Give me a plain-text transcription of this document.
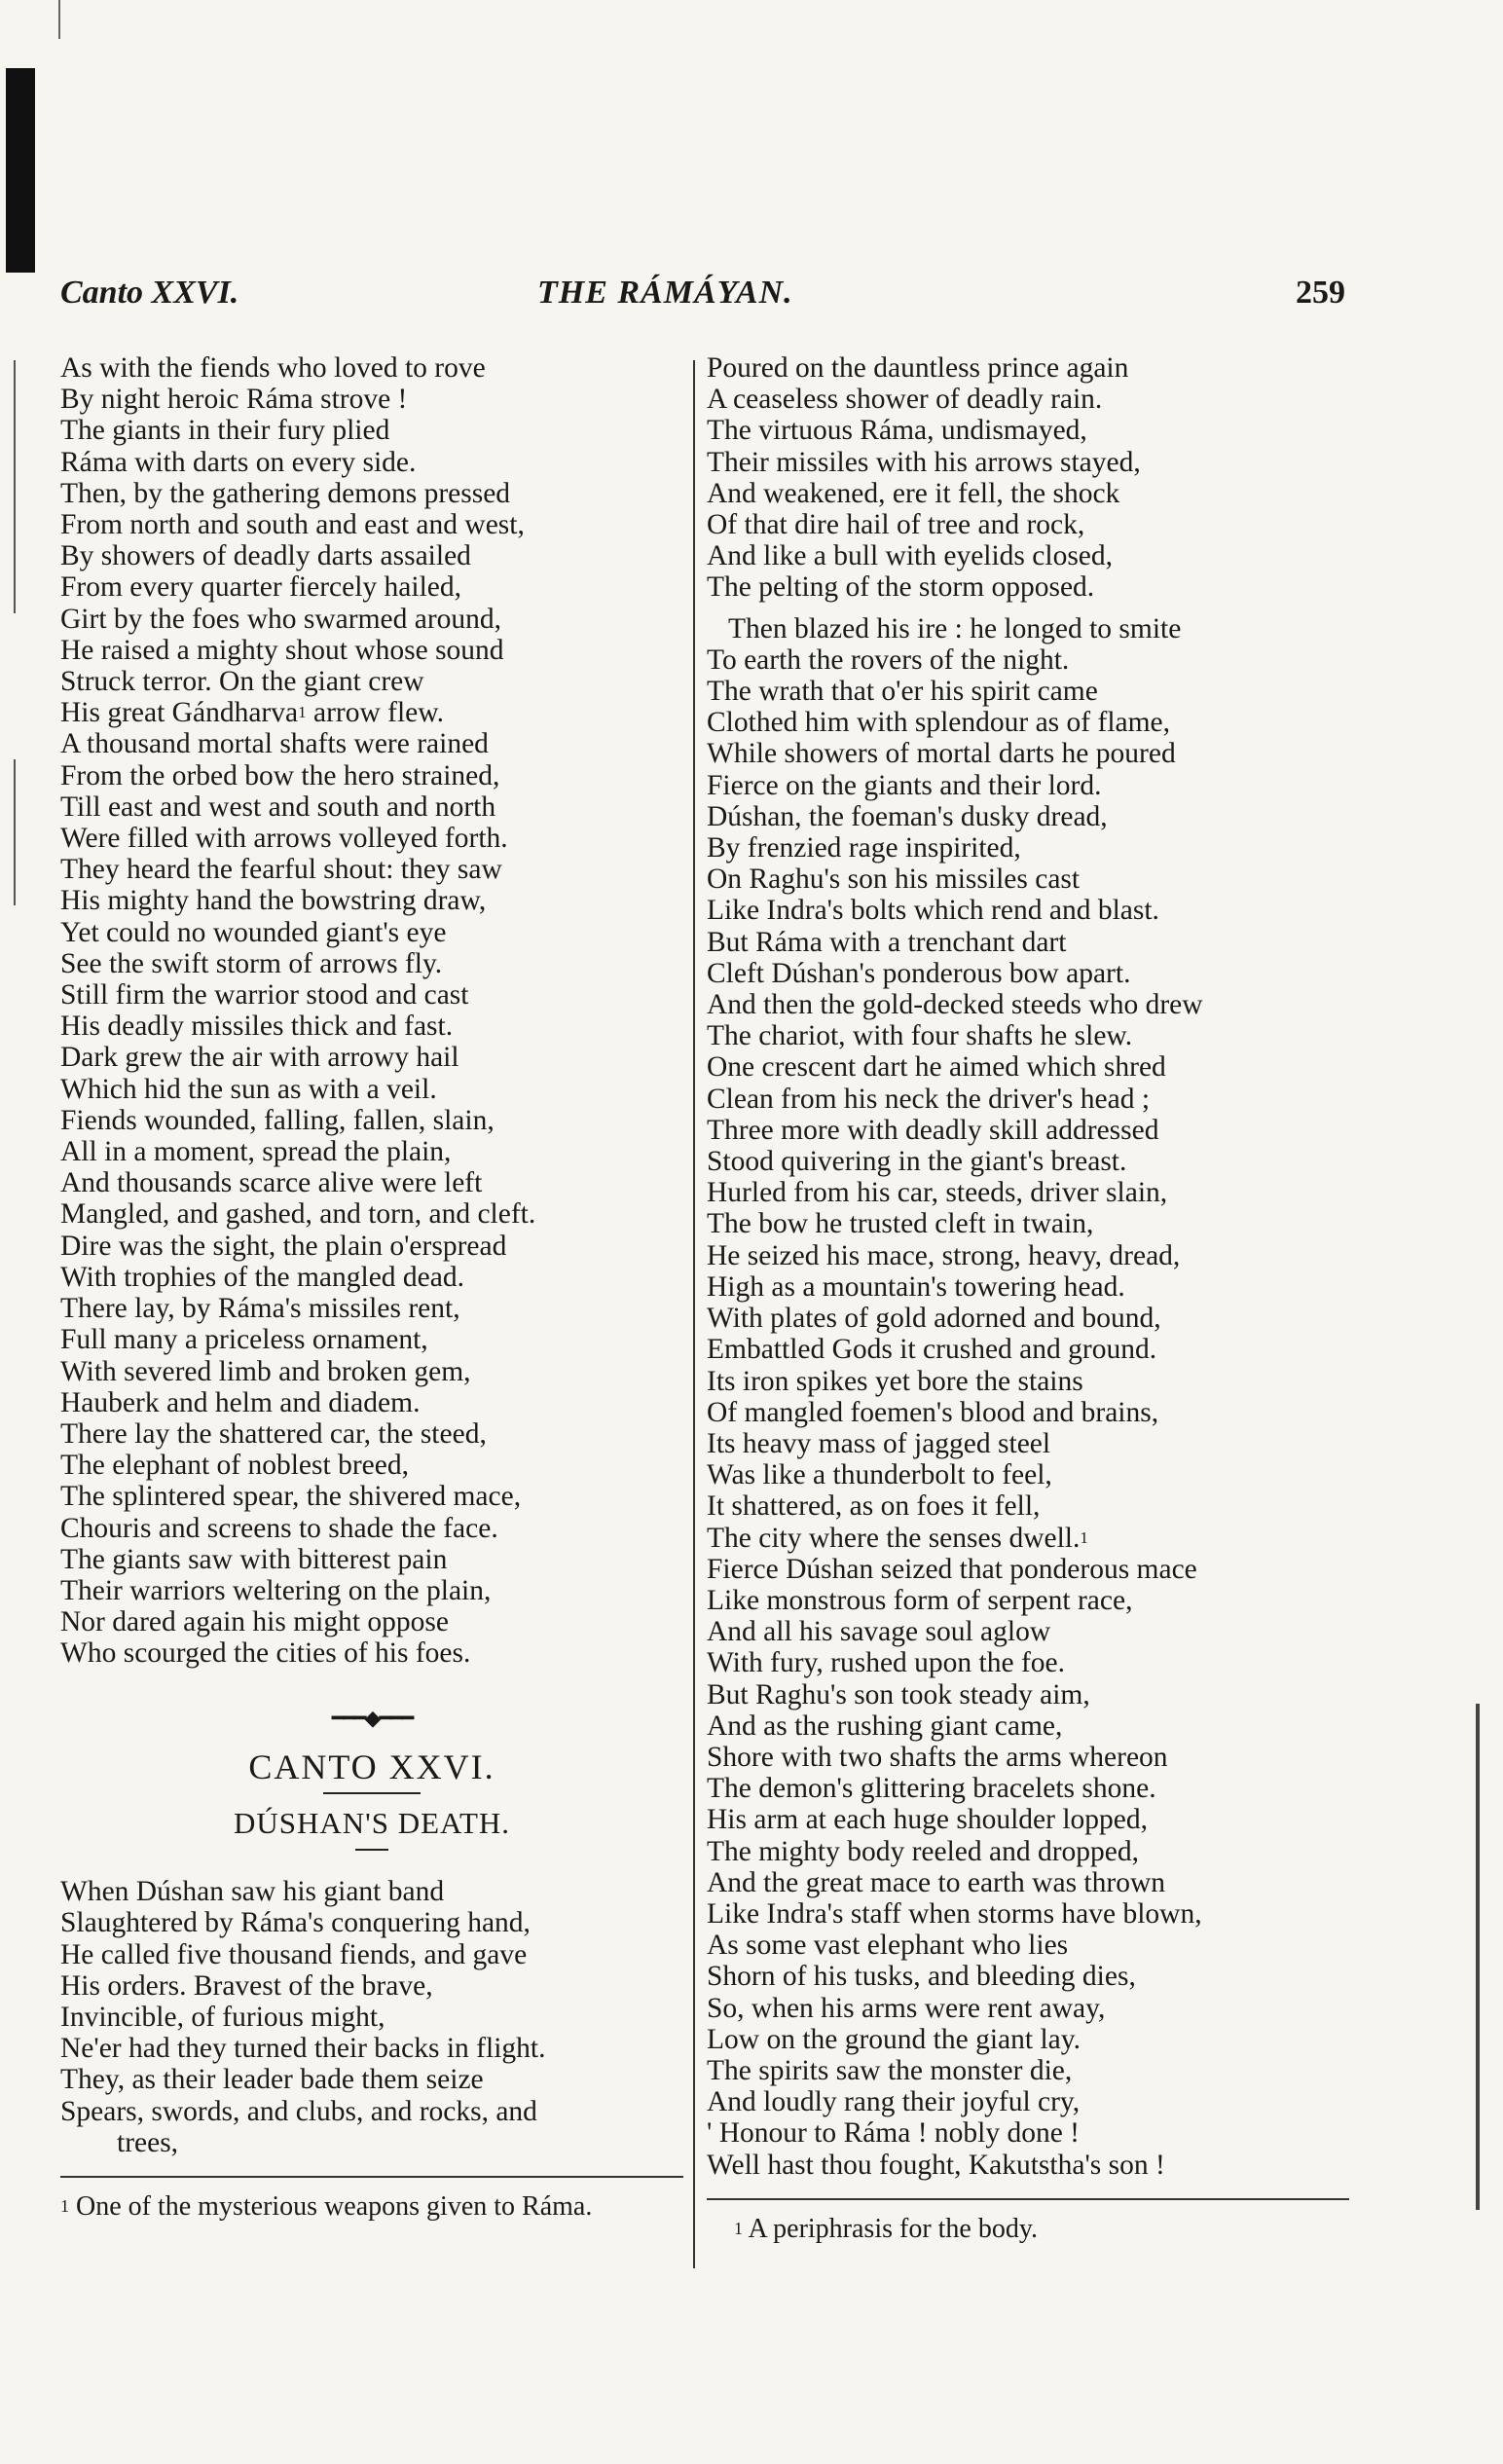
Canto XXVI.	THE RÁMÁYAN.	259
As with the fiends who loved to rove
By night heroic Ráma strove !
The giants in their fury plied
Ráma with darts on every side.
Then, by the gathering demons pressed
From north and south and east and west,
By showers of deadly darts assailed
From every quarter fiercely hailed,
Girt by the foes who swarmed around,
He raised a mighty shout whose sound
Struck terror. On the giant crew
His great Gándharva$^1$ arrow flew.
A thousand mortal shafts were rained
From the orbed bow the hero strained,
Till east and west and south and north
Were filled with arrows volleyed forth.
They heard the fearful shout: they saw
His mighty hand the bowstring draw,
Yet could no wounded giant's eye
See the swift storm of arrows fly.
Still firm the warrior stood and cast
His deadly missiles thick and fast.
Dark grew the air with arrowy hail
Which hid the sun as with a veil.
Fiends wounded, falling, fallen, slain,
All in a moment, spread the plain,
And thousands scarce alive were left
Mangled, and gashed, and torn, and cleft.
Dire was the sight, the plain o'erspread
With trophies of the mangled dead.
There lay, by Ráma's missiles rent,
Full many a priceless ornament,
With severed limb and broken gem,
Hauberk and helm and diadem.
There lay the shattered car, the steed,
The elephant of noblest breed,
The splintered spear, the shivered mace,
Chouris and screens to shade the face.
The giants saw with bitterest pain
Their warriors weltering on the plain,
Nor dared again his might oppose
Who scourged the cities of his foes.
━━━◆━━━
CANTO XXVI.
DÚSHAN'S DEATH.
When Dúshan saw his giant band
Slaughtered by Ráma's conquering hand,
He called five thousand fiends, and gave
His orders. Bravest of the brave,
Invincible, of furious might,
Ne'er had they turned their backs in flight.
They, as their leader bade them seize
Spears, swords, and clubs, and rocks, and
trees,
$^1$ One of the mysterious weapons given to Ráma.
Poured on the dauntless prince again
A ceaseless shower of deadly rain.
The virtuous Ráma, undismayed,
Their missiles with his arrows stayed,
And weakened, ere it fell, the shock
Of that dire hail of tree and rock,
And like a bull with eyelids closed,
The pelting of the storm opposed.
Then blazed his ire : he longed to smite
To earth the rovers of the night.
The wrath that o'er his spirit came
Clothed him with splendour as of flame,
While showers of mortal darts he poured
Fierce on the giants and their lord.
Dúshan, the foeman's dusky dread,
By frenzied rage inspirited,
On Raghu's son his missiles cast
Like Indra's bolts which rend and blast.
But Ráma with a trenchant dart
Cleft Dúshan's ponderous bow apart.
And then the gold-decked steeds who drew
The chariot, with four shafts he slew.
One crescent dart he aimed which shred
Clean from his neck the driver's head ;
Three more with deadly skill addressed
Stood quivering in the giant's breast.
Hurled from his car, steeds, driver slain,
The bow he trusted cleft in twain,
He seized his mace, strong, heavy, dread,
High as a mountain's towering head.
With plates of gold adorned and bound,
Embattled Gods it crushed and ground.
Its iron spikes yet bore the stains
Of mangled foemen's blood and brains,
Its heavy mass of jagged steel
Was like a thunderbolt to feel,
It shattered, as on foes it fell,
The city where the senses dwell.$^1$
Fierce Dúshan seized that ponderous mace
Like monstrous form of serpent race,
And all his savage soul aglow
With fury, rushed upon the foe.
But Raghu's son took steady aim,
And as the rushing giant came,
Shore with two shafts the arms whereon
The demon's glittering bracelets shone.
His arm at each huge shoulder lopped,
The mighty body reeled and dropped,
And the great mace to earth was thrown
Like Indra's staff when storms have blown,
As some vast elephant who lies
Shorn of his tusks, and bleeding dies,
So, when his arms were rent away,
Low on the ground the giant lay.
The spirits saw the monster die,
And loudly rang their joyful cry,
' Honour to Ráma ! nobly done !
Well hast thou fought, Kakutstha's son !
$^1$ A periphrasis for the body.
